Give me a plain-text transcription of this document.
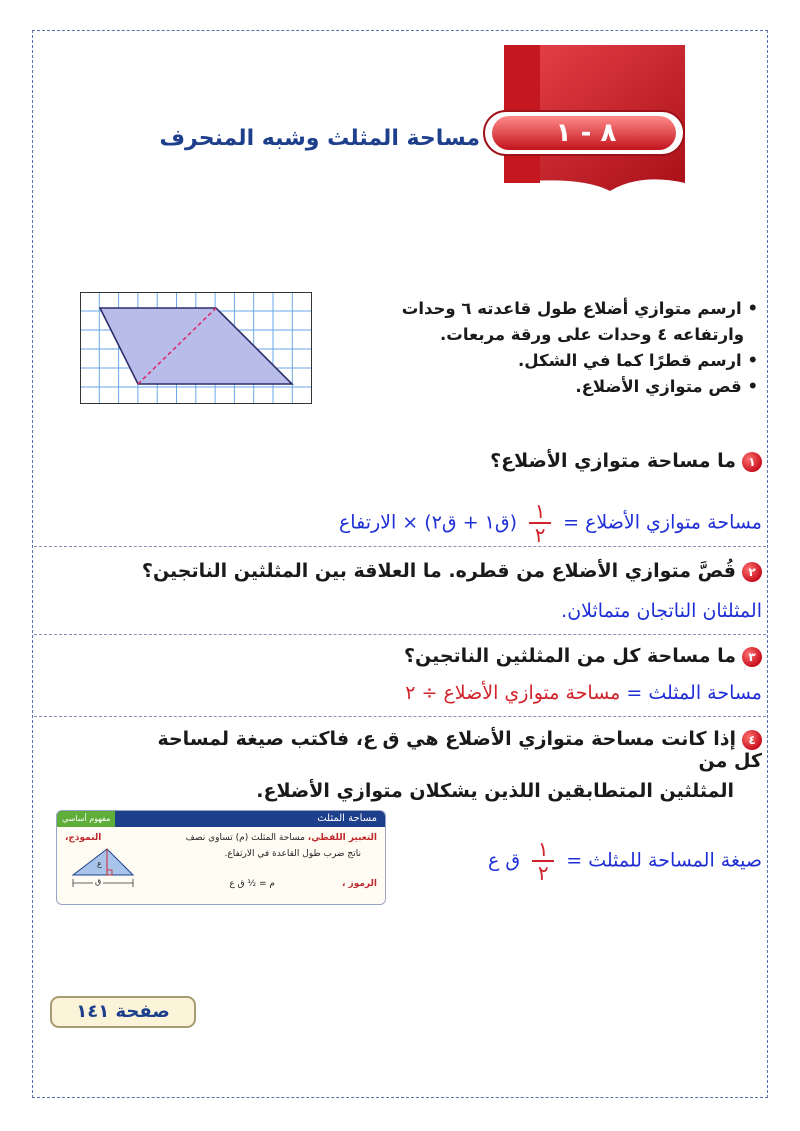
٨ - ١
مساحة المثلث وشبه المنحرف
• ارسم متوازي أضلاع طول قاعدته ٦ وحدات
وارتفاعه ٤ وحدات على ورقة مربعات.
• ارسم قطرًا كما في الشكل.
• قص متوازي الأضلاع.
١ما مساحة متوازي الأضلاع؟
مساحة متوازي الأضلاع = $\frac{١}{٢}$ (ق١ + ق٢) × الارتفاع
٢قُصَّ متوازي الأضلاع من قطره. ما العلاقة بين المثلثين الناتجين؟
المثلثان الناتجان متماثلان.
٣ما مساحة كل من المثلثين الناتجين؟
مساحة المثلث = مساحة متوازي الأضلاع ÷ ٢
٤إذا كانت مساحة متوازي الأضلاع هي ق ع، فاكتب صيغة لمساحة كل من
المثلثين المتطابقين اللذين يشكلان متوازي الأضلاع.
صيغة المساحة للمثلث = $\frac{١}{٢}$ ق ع
مساحة المثلث
مفهوم أساسي
التعبير اللفظي، مساحة المثلث (م) تساوي نصف
ناتج ضرب طول القاعدة في الارتفاع.
النموذج،
الرموز ،
م = ½ ق ع
ع
ق
صفحة ١٤١
